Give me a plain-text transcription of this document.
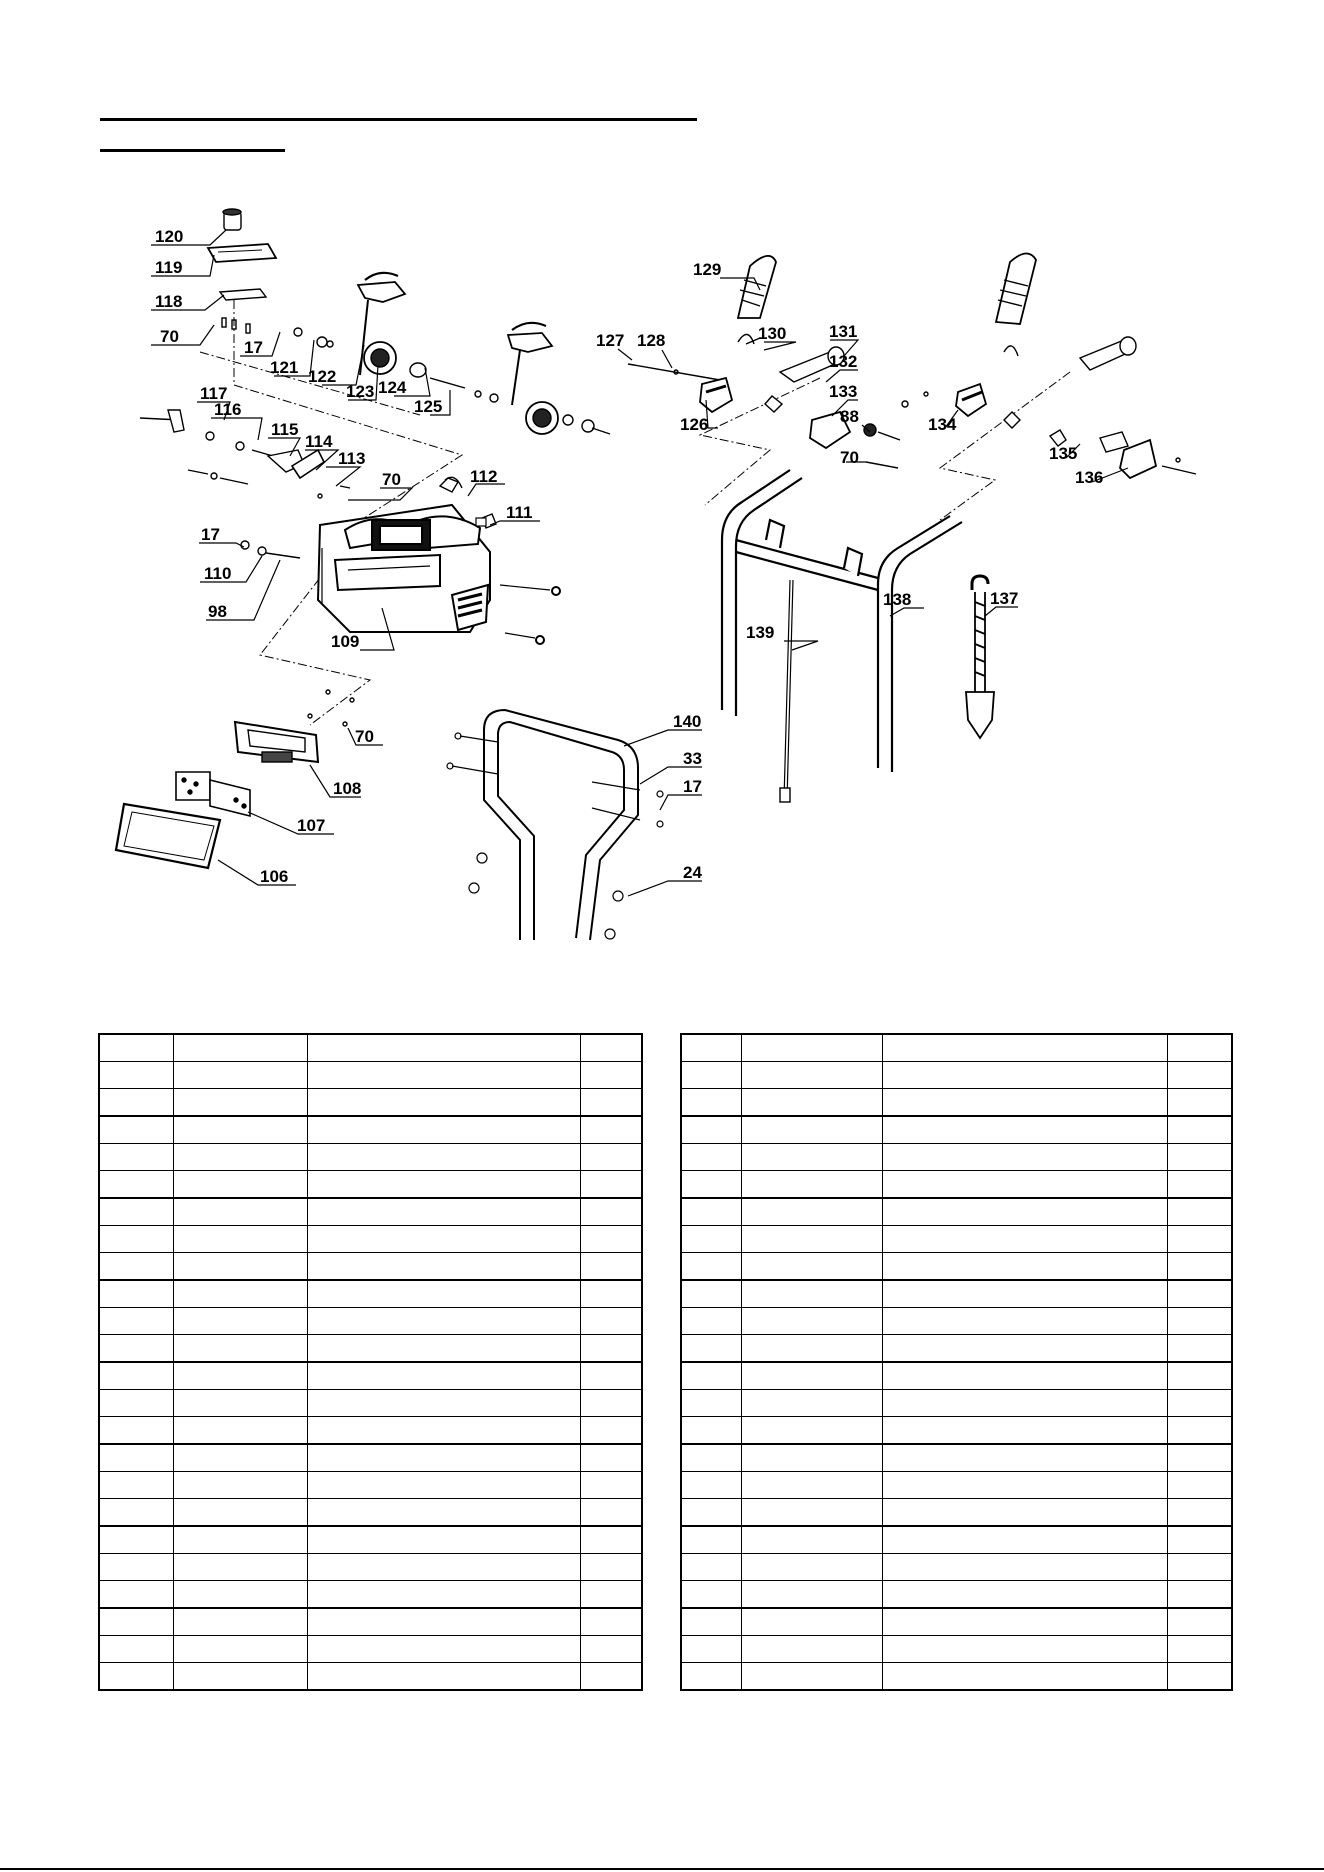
120
119
118
70
17
121 122
123 124
125
117
116
115
114
113
70	112
111
17
110
98
109
70
108
107
106
129
127 128	130	131
132
133
126	88
70
134
135
136
137
138
139
140
33
17
24
